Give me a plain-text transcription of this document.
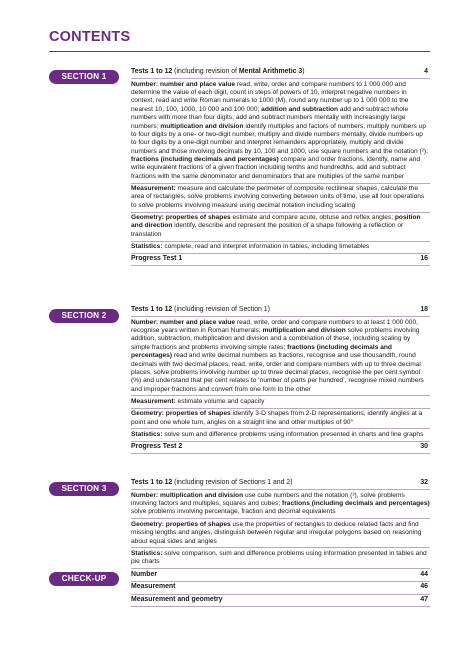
CONTENTS
SECTION 1
SECTION 2
SECTION 3
CHECK-UP TESTS
Tests 1 to 12 (including revision of Mental Arithmetic 3)	4
Number: number and place value read, write, order and compare numbers to 1 000 000 and determine the value of each digit, count in steps of powers of 10, interpret negative numbers in context, read and write Roman numerals to 1000 (M), round any number up to 1 000 000 to the nearest 10, 100, 1000, 10 000 and 100 000; addition and subtraction add and subtract whole numbers with more than four digits, add and subtract numbers mentally with increasingly large numbers; multiplication and division identify multiples and factors of numbers, multiply numbers up to four digits by a one- or two-digit number, multiply and divide numbers mentally, divide numbers up to four digits by a one-digit number and interpret remainders appropriately, multiply and divide numbers and those involving decimals by 10, 100 and 1000, use square numbers and the notation (²); fractions (including decimals and percentages) compare and order fractions, identify, name and write equivalent fractions of a given fraction including tenths and hundredths, add and subtract fractions with the same denominator and denominators that are multiples of the same number
Measurement: measure and calculate the perimeter of composite rectilinear shapes, calculate the area of rectangles, solve problems involving converting between units of time, use all four operations to solve problems involving measure using decimal notation including scaling
Geometry: properties of shapes estimate and compare acute, obtuse and reflex angles; position and direction identify, describe and represent the position of a shape following a reflection or translation
Statistics: complete, read and interpret information in tables, including timetables
Progress Test 1	16
Tests 1 to 12 (including revision of Section 1)	18
Number: number and place value read, write, order and compare numbers to at least 1 000 000, recognise years written in Roman Numerals; multiplication and division solve problems involving addition, subtraction, multiplication and division and a combination of these, including scaling by simple fractions and problems involving simple rates; fractions (including decimals and percentages) read and write decimal numbers as fractions, recognise and use thousandth, round decimals with two decimal places, read, write, order and compare numbers with up to three decimal places, solve problems involving number up to three decimal places, recognise the per cent symbol (%) and understand that per cent relates to ‘number of parts per hundred’, recognise mixed numbers and improper fractions and convert from one form to the other
Measurement: estimate volume and capacity
Geometry: properties of shapes identify 3-D shapes from 2-D representations, identify angles at a point and one whole turn, angles on a straight line and other multiples of 90°
Statistics: solve sum and difference problems using information presented in charts and line graphs
Progress Test 2	30
Tests 1 to 12 (including revision of Sections 1 and 2)	32
Number: multiplication and division use cube numbers and the notation (³), solve problems involving factors and multiples, squares and cubes; fractions (including decimals and percentages) solve problems involving percentage, fraction and decimal equivalents
Geometry: properties of shapes use the properties of rectangles to deduce related facts and find missing lengths and angles, distinguish between regular and irregular polygons based on reasoning about equal sides and angles
Statistics: solve comparison, sum and difference problems using information presented in tables and pie charts
Number	44
Measurement	46
Measurement and geometry	47
